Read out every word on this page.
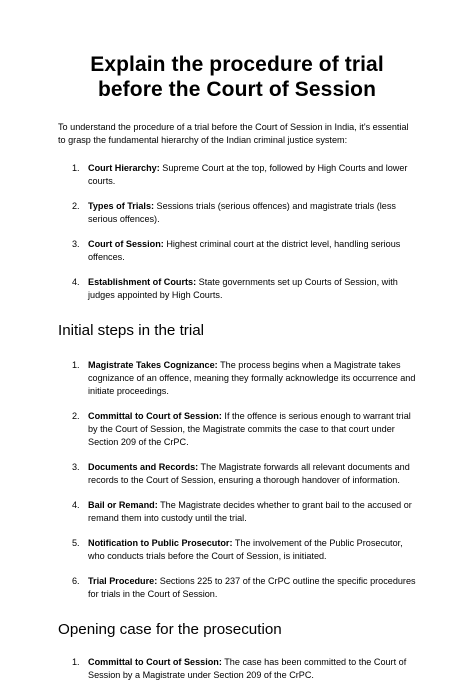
Explain the procedure of trial before the Court of Session

To understand the procedure of a trial before the Court of Session in India, it's essential to grasp the fundamental hierarchy of the Indian criminal justice system:

1. Court Hierarchy: Supreme Court at the top, followed by High Courts and lower courts.
2. Types of Trials: Sessions trials (serious offences) and magistrate trials (less serious offences).
3. Court of Session: Highest criminal court at the district level, handling serious offences.
4. Establishment of Courts: State governments set up Courts of Session, with judges appointed by High Courts.
Initial steps in the trial
1. Magistrate Takes Cognizance: The process begins when a Magistrate takes cognizance of an offence, meaning they formally acknowledge its occurrence and initiate proceedings.
2. Committal to Court of Session: If the offence is serious enough to warrant trial by the Court of Session, the Magistrate commits the case to that court under Section 209 of the CrPC.
3. Documents and Records: The Magistrate forwards all relevant documents and records to the Court of Session, ensuring a thorough handover of information.
4. Bail or Remand: The Magistrate decides whether to grant bail to the accused or remand them into custody until the trial.
5. Notification to Public Prosecutor: The involvement of the Public Prosecutor, who conducts trials before the Court of Session, is initiated.
6. Trial Procedure: Sections 225 to 237 of the CrPC outline the specific procedures for trials in the Court of Session.
Opening case for the prosecution
1. Committal to Court of Session: The case has been committed to the Court of Session by a Magistrate under Section 209 of the CrPC.
